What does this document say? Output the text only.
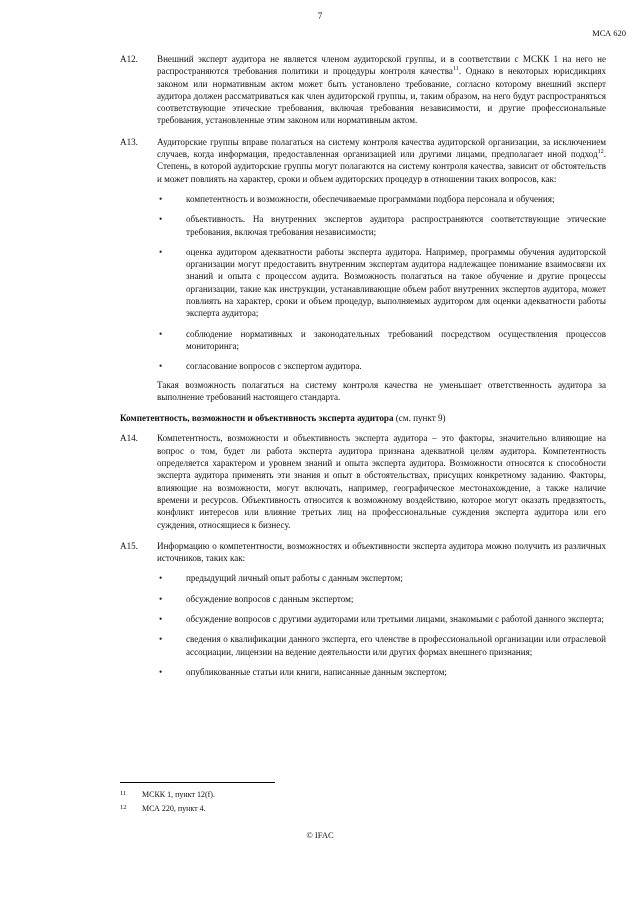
7
МСА 620
А12. Внешний эксперт аудитора не является членом аудиторской группы, и в соответствии с МСКК 1 на него не распространяются требования политики и процедуры контроля качества$^{11}$. Однако в некоторых юрисдикциях законом или нормативным актом может быть установлено требование, согласно которому внешний эксперт аудитора должен рассматриваться как член аудиторской группы, и, таким образом, на него будут распространяться соответствующие этические требования, включая требования независимости, и другие профессиональные требования, установленные этим законом или нормативным актом.

А13. Аудиторские группы вправе полагаться на систему контроля качества аудиторской организации, за исключением случаев, когда информация, предоставленная организацией или другими лицами, предполагает иной подход$^{12}$. Степень, в которой аудиторские группы могут полагаются на систему контроля качества, зависит от обстоятельств и может повлиять на характер, сроки и объем аудиторских процедур в отношении таких вопросов, как:

•	компетентность и возможности, обеспечиваемые программами подбора персонала и обучения;
•	объективность. На внутренних экспертов аудитора распространяются соответствующие этические требования, включая требования независимости;
•	оценка аудитором адекватности работы эксперта аудитора. Например, программы обучения аудиторской организации могут предоставить внутренним экспертам аудитора надлежащее понимание взаимосвязи их знаний и опыта с процессом аудита. Возможность полагаться на такое обучение и другие процессы организации, такие как инструкции, устанавливающие объем работ внутренних экспертов аудитора, может повлиять на характер, сроки и объем процедур, выполняемых аудитором для оценки адекватности работы эксперта аудитора;
•	соблюдение нормативных и законодательных требований посредством осуществления процессов мониторинга;
•	согласование вопросов с экспертом аудитора.

Такая возможность полагаться на систему контроля качества не уменьшает ответственность аудитора за выполнение требований настоящего стандарта.

Компетентность, возможности и объективность эксперта аудитора (см. пункт 9)
А14. Компетентность, возможности и объективность эксперта аудитора – это факторы, значительно влияющие на вопрос о том, будет ли работа эксперта аудитора признана адекватной целям аудитора. Компетентность определяется характером и уровнем знаний и опыта эксперта аудитора. Возможности относятся к способности эксперта аудитора применять эти знания и опыт в обстоятельствах, присущих конкретному заданию. Факторы, влияющие на возможности, могут включать, например, географическое местонахождение, а также наличие времени и ресурсов. Объективность относится к возможному воздействию, которое могут оказать предвзятость, конфликт интересов или влияние третьих лиц на профессиональные суждения эксперта аудитора или его суждения, относящиеся к бизнесу.

А15. Информацию о компетентности, возможностях и объективности эксперта аудитора можно получить из различных источников, таких как:

•	предыдущий личный опыт работы с данным экспертом;
•	обсуждение вопросов с данным экспертом;
•	обсуждение вопросов с другими аудиторами или третьими лицами, знакомыми с работой данного эксперта;
•	сведения о квалификации данного эксперта, его членстве в профессиональной организации или отраслевой ассоциации, лицензии на ведение деятельности или других формах внешнего признания;
•	опубликованные статьи или книги, написанные данным экспертом;
11 МСКК 1, пункт 12(f).
12 МСА 220, пункт 4.
© IFAC
